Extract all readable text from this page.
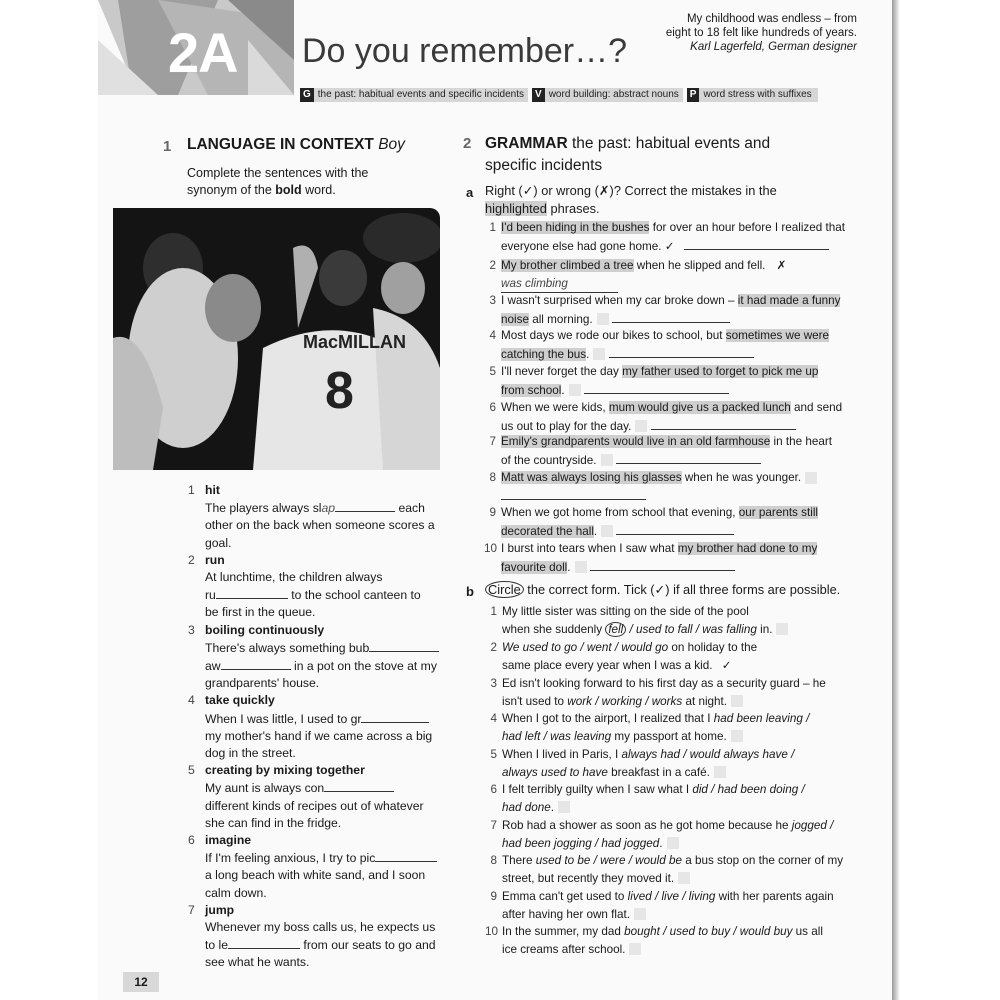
2A Do you remember…?
My childhood was endless – from
eight to 18 felt like hundreds of years.
Karl Lagerfeld, German designer
G the past: habitual events and specific incidents	V word building: abstract nouns	P word stress with suffixes
1 LANGUAGE IN CONTEXT Boy
Complete the sentences with the
synonym of the bold word.
MacMILLAN
8
1 hit
The players always slap	each
other on the back when someone scores a
goal.
2 run
At lunchtime, the children always
ru	to the school canteen to
be first in the queue.
3 boiling continuously
There's always something bub
aw	in a pot on the stove at my
grandparents' house.
4 take quickly
When I was little, I used to gr
my mother's hand if we came across a big
dog in the street.
5 creating by mixing together
My aunt is always con
different kinds of recipes out of whatever
she can find in the fridge.
6 imagine
If I'm feeling anxious, I try to pic
a long beach with white sand, and I soon
calm down.
7 jump
Whenever my boss calls us, he expects us
to le	from our seats to go and
see what he wants.
12
2 GRAMMAR the past: habitual events and
specific incidents
a Right (✓) or wrong (✗)? Correct the mistakes in the
highlighted phrases.
1 I'd been hiding in the bushes for over an hour before I realized that
everyone else had gone home. ✓
2 My brother climbed a tree when he slipped and fell. ✗
was climbing
3 I wasn't surprised when my car broke down – it had made a funny
noise all morning.
4 Most days we rode our bikes to school, but sometimes we were
catching the bus.
5 I'll never forget the day my father used to forget to pick me up
from school.
6 When we were kids, mum would give us a packed lunch and send
us out to play for the day.
7 Emily's grandparents would live in an old farmhouse in the heart
of the countryside.
8 Matt was always losing his glasses when he was younger.
9 When we got home from school that evening, our parents still
decorated the hall.
10 I burst into tears when I saw what my brother had done to my
favourite doll.
b Circle the correct form. Tick (✓) if all three forms are possible.
1 My little sister was sitting on the side of the pool
when she suddenly fell / used to fall / was falling in.
2 We used to go / went / would go on holiday to the
same place every year when I was a kid. ✓
3 Ed isn't looking forward to his first day as a security guard – he
isn't used to work / working / works at night.
4 When I got to the airport, I realized that I had been leaving /
had left / was leaving my passport at home.
5 When I lived in Paris, I always had / would always have /
always used to have breakfast in a café.
6 I felt terribly guilty when I saw what I did / had been doing /
had done.
7 Rob had a shower as soon as he got home because he jogged /
had been jogging / had jogged.
8 There used to be / were / would be a bus stop on the corner of my
street, but recently they moved it.
9 Emma can't get used to lived / live / living with her parents again
after having her own flat.
10 In the summer, my dad bought / used to buy / would buy us all
ice creams after school.
